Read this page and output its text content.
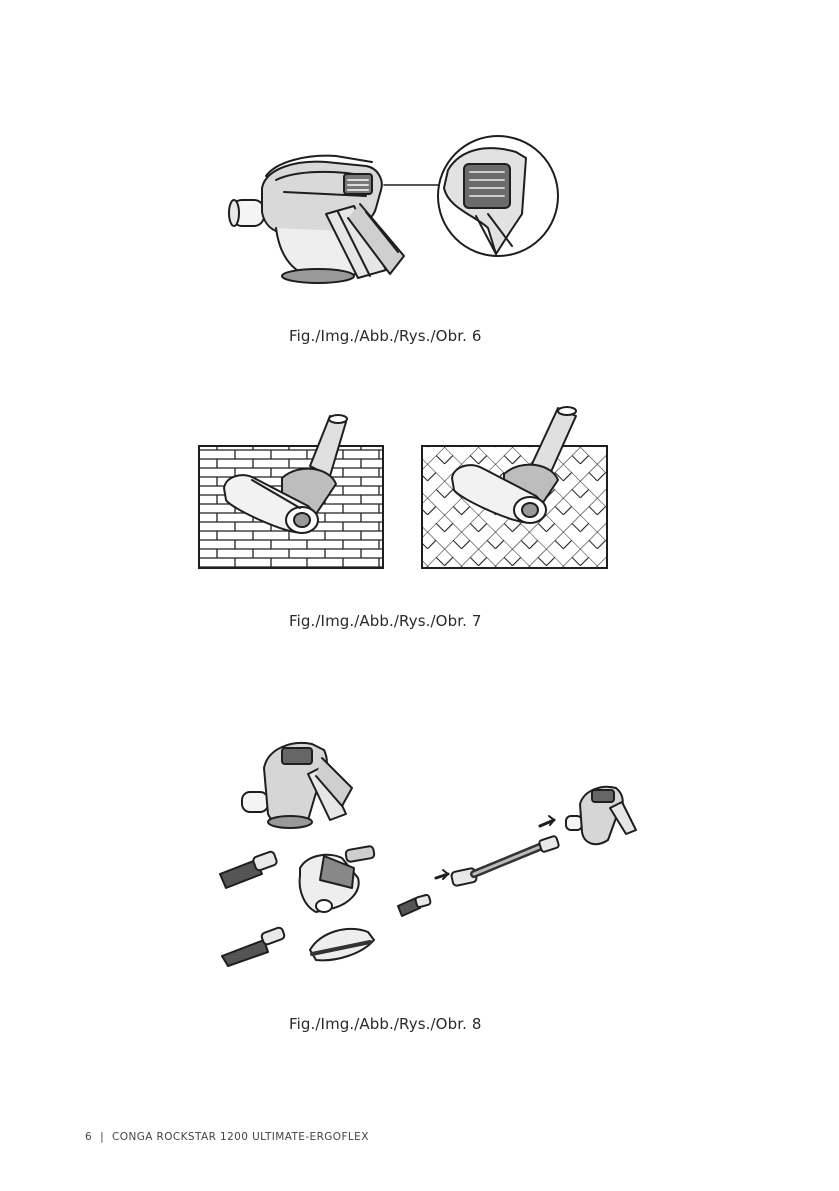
Fig./Img./Abb./Rys./Obr. 6
Fig./Img./Abb./Rys./Obr. 7
Fig./Img./Abb./Rys./Obr. 8
6 | CONGA ROCKSTAR 1200 ULTIMATE-ERGOFLEX
